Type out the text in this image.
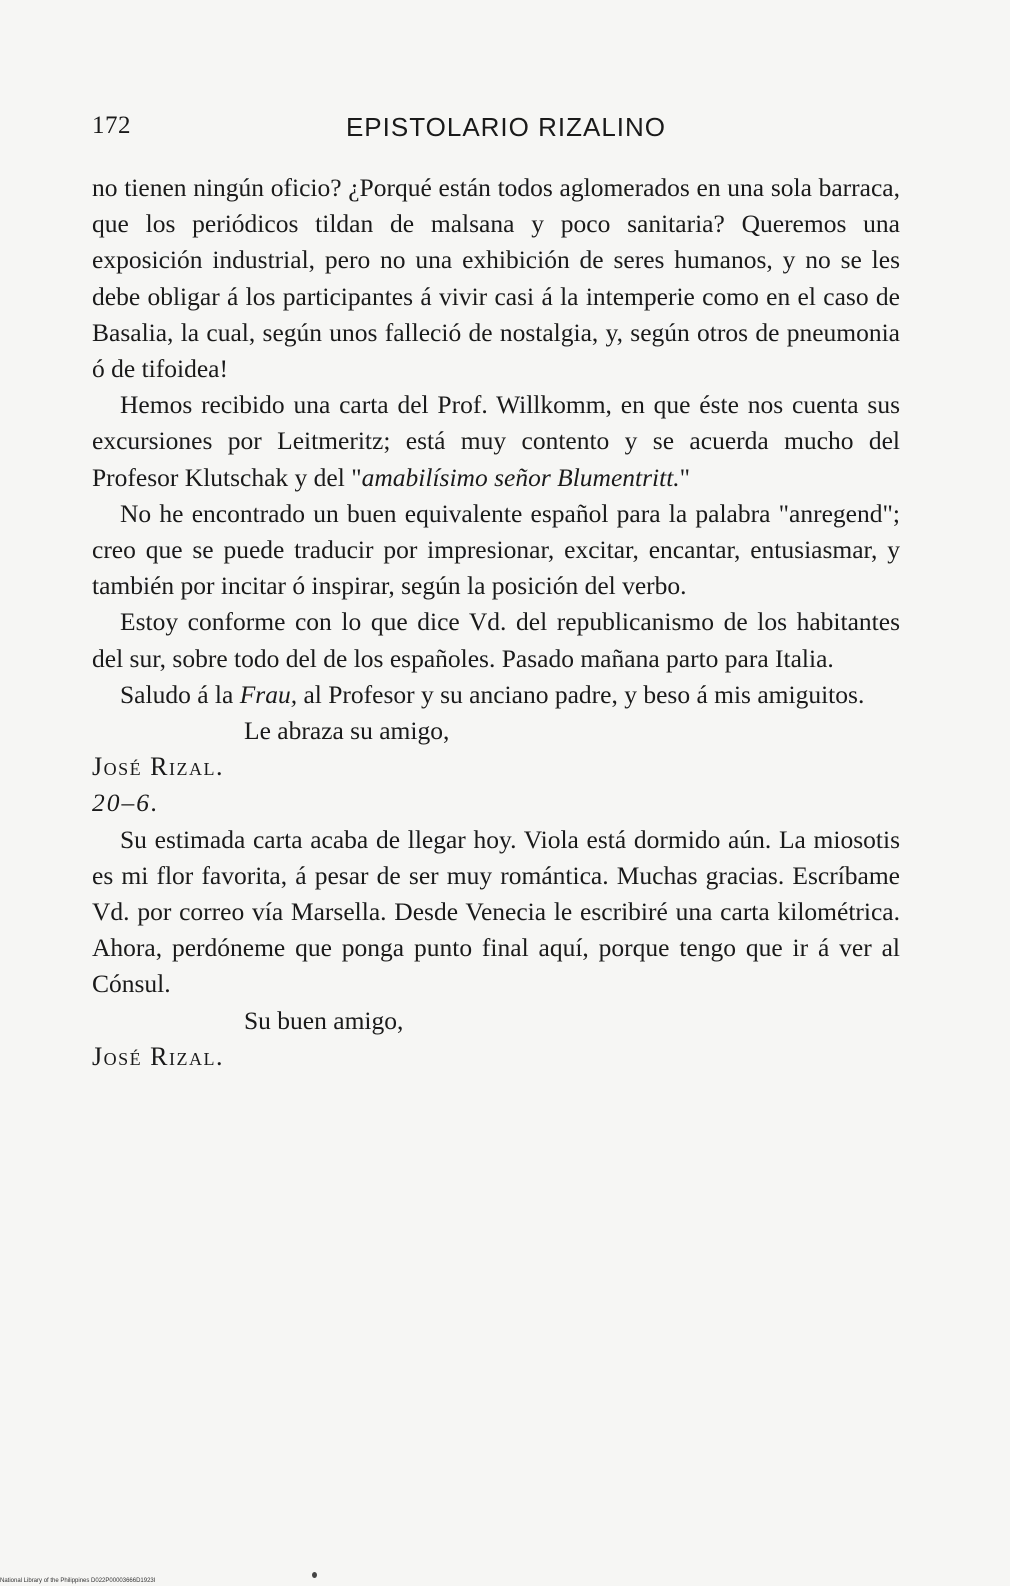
172	EPISTOLARIO RIZALINO

no tienen ningún oficio? ¿Porqué están todos aglomerados en una sola barraca, que los periódicos tildan de malsana y poco sanitaria? Queremos una exposición industrial, pero no una exhibición de seres humanos, y no se les debe obligar á los participantes á vivir casi á la intemperie como en el caso de Basalia, la cual, según unos falleció de nostalgia, y, según otros de pneumonia ó de tifoidea!

Hemos recibido una carta del Prof. Willkomm, en que éste nos cuenta sus excursiones por Leitmeritz; está muy contento y se acuerda mucho del Profesor Klutschak y del "amabilísimo señor Blumentritt."

No he encontrado un buen equivalente español para la palabra "anregend"; creo que se puede traducir por impresionar, excitar, encantar, entusiasmar, y también por incitar ó inspirar, según la posición del verbo.

Estoy conforme con lo que dice Vd. del republicanismo de los habitantes del sur, sobre todo del de los españoles. Pasado mañana parto para Italia.

Saludo á la Frau, al Profesor y su anciano padre, y beso á mis amiguitos.

Le abraza su amigo,

José Rizal.

20–6.

Su estimada carta acaba de llegar hoy. Viola está dormido aún. La miosotis es mi flor favorita, á pesar de ser muy romántica. Muchas gracias. Escríbame Vd. por correo vía Marsella. Desde Venecia le escribiré una carta kilométrica. Ahora, perdóneme que ponga punto final aquí, porque tengo que ir á ver al Cónsul.

Su buen amigo,

José Rizal.

National Library of the Philippines D022P00003666D1923I
